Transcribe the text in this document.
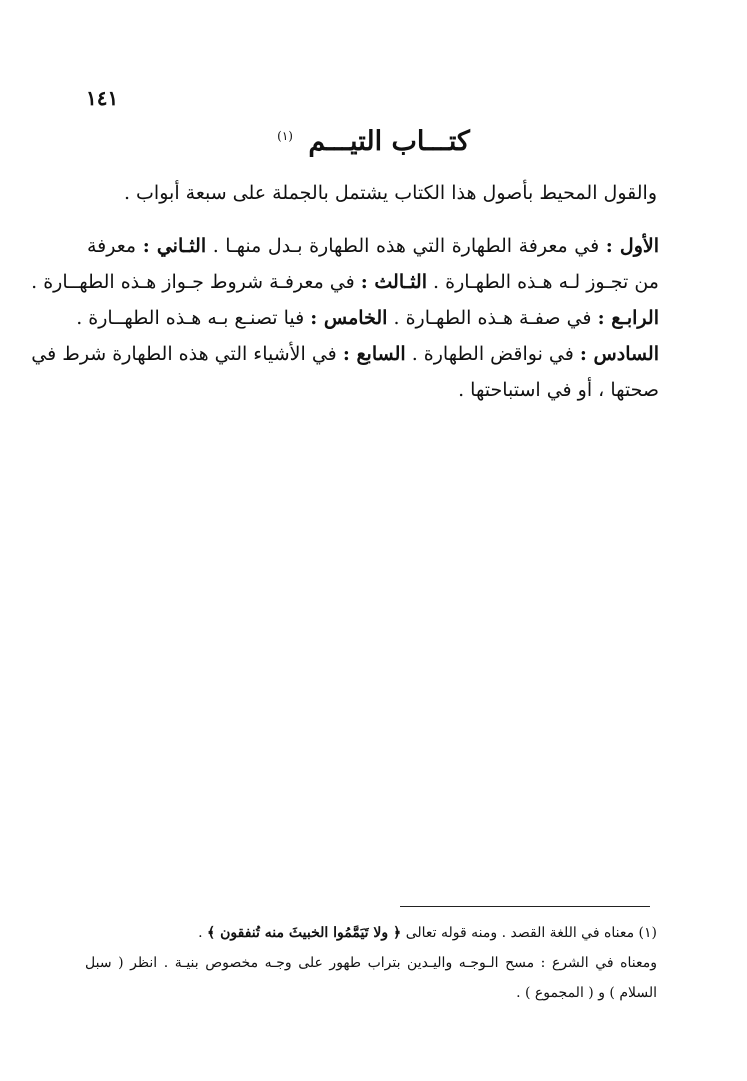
١٤١
كتـــاب التيـــم $^{(١)}$
والقول المحيط بأصول هذا الكتاب يشتمل بالجملة على سبعة أبواب .
الأول : في معرفة الطهارة التي هذه الطهارة بـدل منهـا . الثـاني : معرفة
من تجـوز لـه هـذه الطهـارة . الثـالث : في معرفـة شروط جـواز هـذه الطهــارة .
الرابـع : في صفـة هـذه الطهـارة . الخامس : فيا تصنـع بـه هـذه الطهــارة .
السادس : في نواقض الطهارة . السابع : في الأشياء التي هذه الطهارة شرط في
صحتها ، أو في استباحتها .
(١) معناه في اللغة القصد . ومنه قوله تعالى ﴿ ولا تَيَمَّمُوا الخبيثَ منه تُنفقون ﴾ .
ومعناه في الشرع : مسح الـوجـه واليـدين بتراب طهور على وجـه مخصوص بنيـة . انظر ( سبل
السلام ) و ( المجموع ) .
